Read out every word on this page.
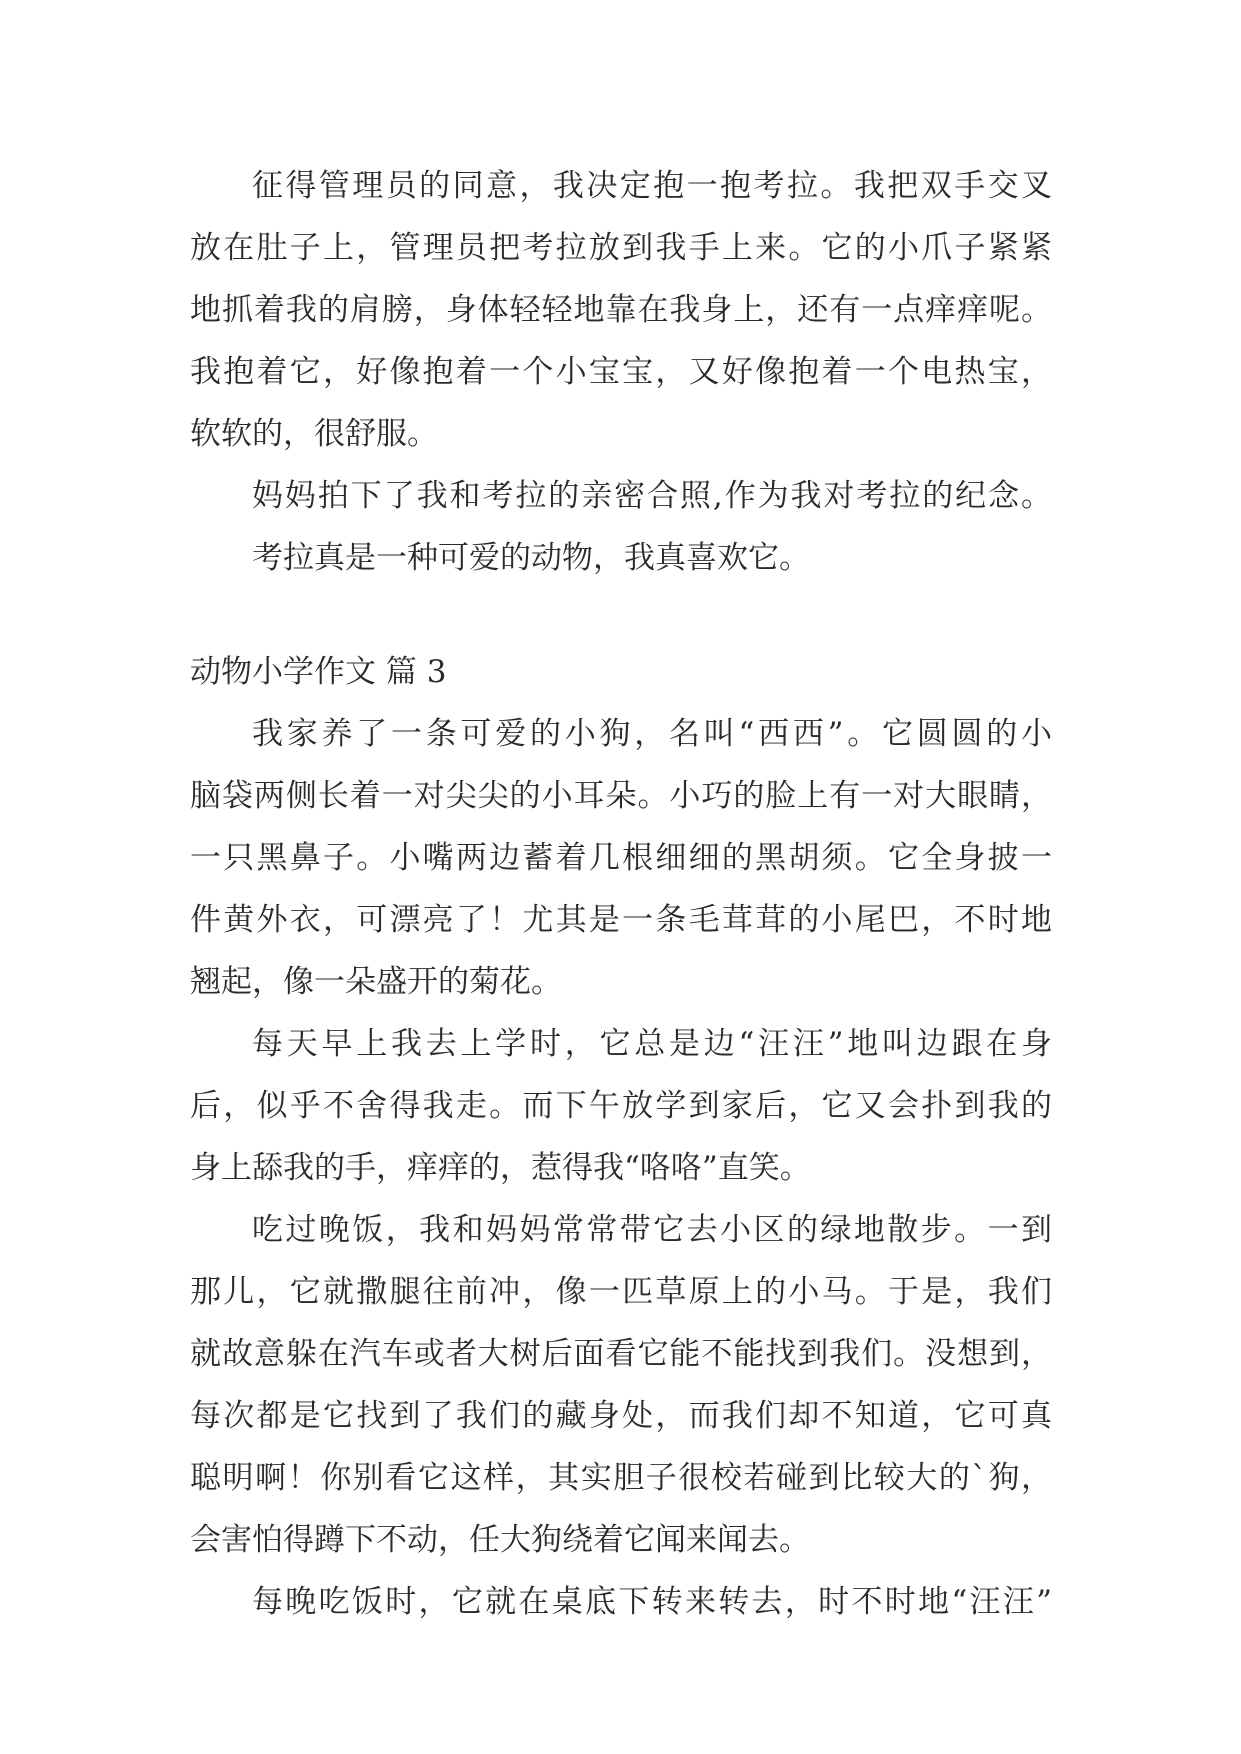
征得管理员的同意，我决定抱一抱考拉。我把双手交叉
放在肚子上，管理员把考拉放到我手上来。它的小爪子紧紧
地抓着我的肩膀，身体轻轻地靠在我身上，还有一点痒痒呢。
我抱着它，好像抱着一个小宝宝，又好像抱着一个电热宝，
软软的，很舒服。
妈妈拍下了我和考拉的亲密合照,作为我对考拉的纪念。
考拉真是一种可爱的动物，我真喜欢它。
动物小学作文 篇 3
我家养了一条可爱的小狗，名叫“西西”。它圆圆的小
脑袋两侧长着一对尖尖的小耳朵。小巧的脸上有一对大眼睛，
一只黑鼻子。小嘴两边蓄着几根细细的黑胡须。它全身披一
件黄外衣，可漂亮了！尤其是一条毛茸茸的小尾巴，不时地
翘起，像一朵盛开的菊花。
每天早上我去上学时，它总是边“汪汪”地叫边跟在身
后，似乎不舍得我走。而下午放学到家后，它又会扑到我的
身上舔我的手，痒痒的，惹得我“咯咯”直笑。
吃过晚饭，我和妈妈常常带它去小区的绿地散步。一到
那儿，它就撒腿往前冲，像一匹草原上的小马。于是，我们
就故意躲在汽车或者大树后面看它能不能找到我们。没想到，
每次都是它找到了我们的藏身处，而我们却不知道，它可真
聪明啊！你别看它这样，其实胆子很校若碰到比较大的`狗，
会害怕得蹲下不动，任大狗绕着它闻来闻去。
每晚吃饭时，它就在桌底下转来转去，时不时地“汪汪”
